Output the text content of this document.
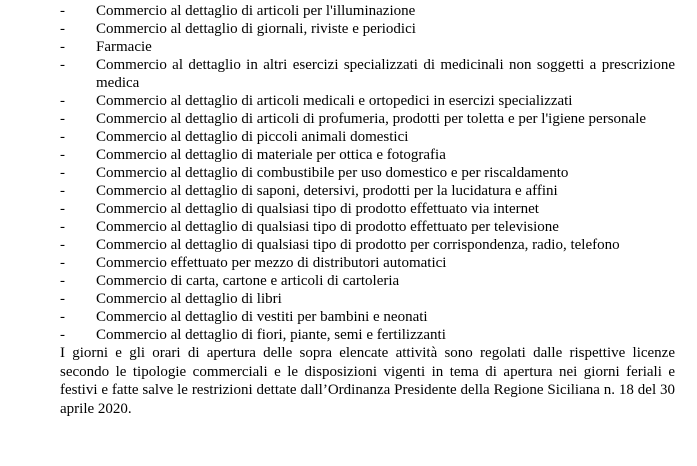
- Commercio al dettaglio di articoli per l'illuminazione
- Commercio al dettaglio di giornali, riviste e periodici
- Farmacie
- Commercio al dettaglio in altri esercizi specializzati di medicinali non soggetti a prescrizione medica
- Commercio al dettaglio di articoli medicali e ortopedici in esercizi specializzati
- Commercio al dettaglio di articoli di profumeria, prodotti per toletta e per l'igiene personale
- Commercio al dettaglio di piccoli animali domestici
- Commercio al dettaglio di materiale per ottica e fotografia
- Commercio al dettaglio di combustibile per uso domestico e per riscaldamento
- Commercio al dettaglio di saponi, detersivi, prodotti per la lucidatura e affini
- Commercio al dettaglio di qualsiasi tipo di prodotto effettuato via internet
- Commercio al dettaglio di qualsiasi tipo di prodotto effettuato per televisione
- Commercio al dettaglio di qualsiasi tipo di prodotto per corrispondenza, radio, telefono
- Commercio effettuato per mezzo di distributori automatici
- Commercio di carta, cartone e articoli di cartoleria
- Commercio al dettaglio di libri
- Commercio al dettaglio di vestiti per bambini e neonati
- Commercio al dettaglio di fiori, piante, semi e fertilizzanti

I giorni e gli orari di apertura delle sopra elencate attività sono regolati dalle rispettive licenze secondo le tipologie commerciali e le disposizioni vigenti in tema di apertura nei giorni feriali e festivi e fatte salve le restrizioni dettate dall’Ordinanza Presidente della Regione Siciliana n. 18 del 30 aprile 2020.
